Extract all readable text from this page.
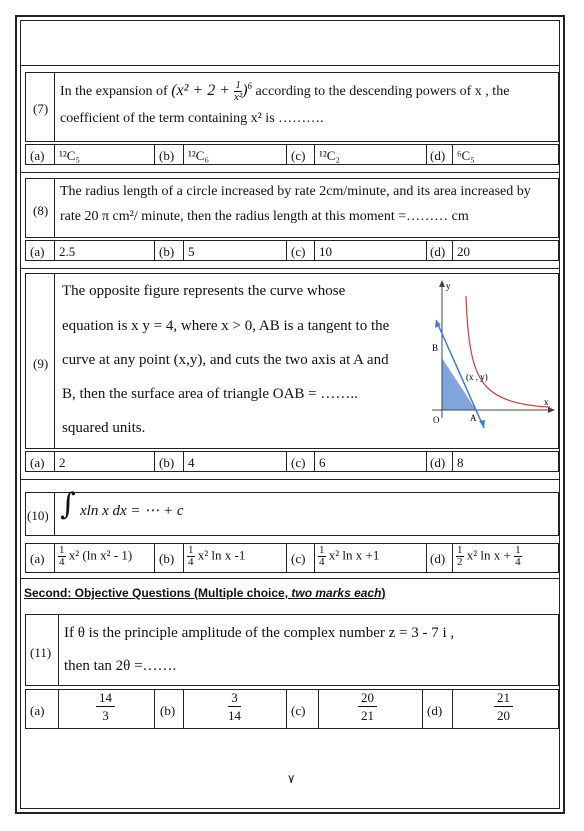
(7)
In the expansion of $(x^2 + 2 + \frac{1}{\text{x²}} )^6$ according to the descending powers of x , the
coefficient of the term containing x² is ……….
(a) ¹²C₅	(b) ¹²C₆	(c) ¹²C₂	(d) ⁶C₅
(8)
The radius length of a circle increased by rate 2cm/minute, and its area increased by
rate 20 π cm²/ minute, then the radius length at this moment =……… cm
(a) 2.5	(b) 5	(c) 10	(d) 20
(9)
The opposite figure represents the curve whose
equation is x y = 4, where x > 0, AB is a tangent to the
curve at any point (x,y), and cuts the two axis at A and
B, then the surface area of triangle OAB = ……..
squared units.
y
x
B
A
O
(x , y)
(a) 2	(b) 4	(c) 6	(d) 8
(10) ∫ xln x dx = ⋯ + c
$(a) \frac{1}{4} x^2$ (ln x² - 1) $(b) \frac{1}{4} x^2$ ln x -1	$(c) \frac{1}{4} x^2$ ln x +1	$(d) \frac{1}{2} x^2$ $\ln x + \frac{1}{4}$
Second: Objective Questions (Multiple choice, two marks each)
(11)
If θ is the principle amplitude of the complex number z = 3 - 7 i ,
then tan 2θ =…….
(a)	$\frac{14}{3}$	(b)	$\frac{3}{14}$	(c)	$\frac{20}{21}$	(d)	$\frac{21}{20}$
٧
